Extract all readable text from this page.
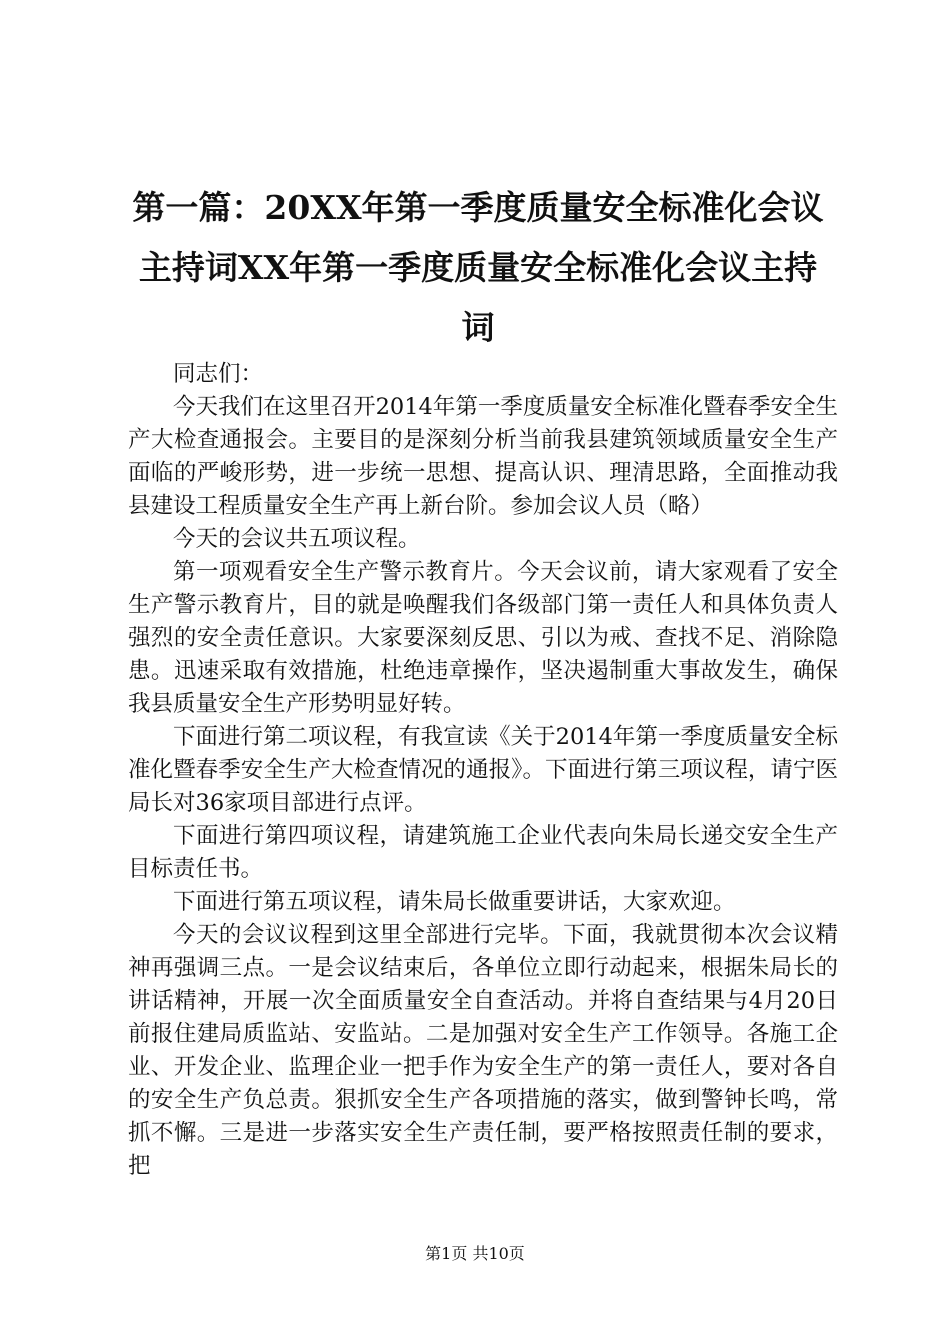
第一篇：20XX年第一季度质量安全标准化会议主持词XX年第一季度质量安全标准化会议主持词

同志们：

今天我们在这里召开2014年第一季度质量安全标准化暨春季安全生产大检查通报会。主要目的是深刻分析当前我县建筑领域质量安全生产面临的严峻形势，进一步统一思想、提高认识、理清思路，全面推动我县建设工程质量安全生产再上新台阶。参加会议人员（略）

今天的会议共五项议程。

第一项观看安全生产警示教育片。今天会议前，请大家观看了安全生产警示教育片，目的就是唤醒我们各级部门第一责任人和具体负责人强烈的安全责任意识。大家要深刻反思、引以为戒、查找不足、消除隐患。迅速采取有效措施，杜绝违章操作，坚决遏制重大事故发生，确保我县质量安全生产形势明显好转。

下面进行第二项议程，有我宣读《关于2014年第一季度质量安全标准化暨春季安全生产大检查情况的通报》。下面进行第三项议程，请宁医局长对36家项目部进行点评。

下面进行第四项议程，请建筑施工企业代表向朱局长递交安全生产目标责任书。

下面进行第五项议程，请朱局长做重要讲话，大家欢迎。

今天的会议议程到这里全部进行完毕。下面，我就贯彻本次会议精神再强调三点。一是会议结束后，各单位立即行动起来，根据朱局长的讲话精神，开展一次全面质量安全自查活动。并将自查结果与4月20日前报住建局质监站、安监站。二是加强对安全生产工作领导。各施工企业、开发企业、监理企业一把手作为安全生产的第一责任人，要对各自的安全生产负总责。狠抓安全生产各项措施的落实，做到警钟长鸣，常抓不懈。三是进一步落实安全生产责任制，要严格按照责任制的要求，把

第1页 共10页
